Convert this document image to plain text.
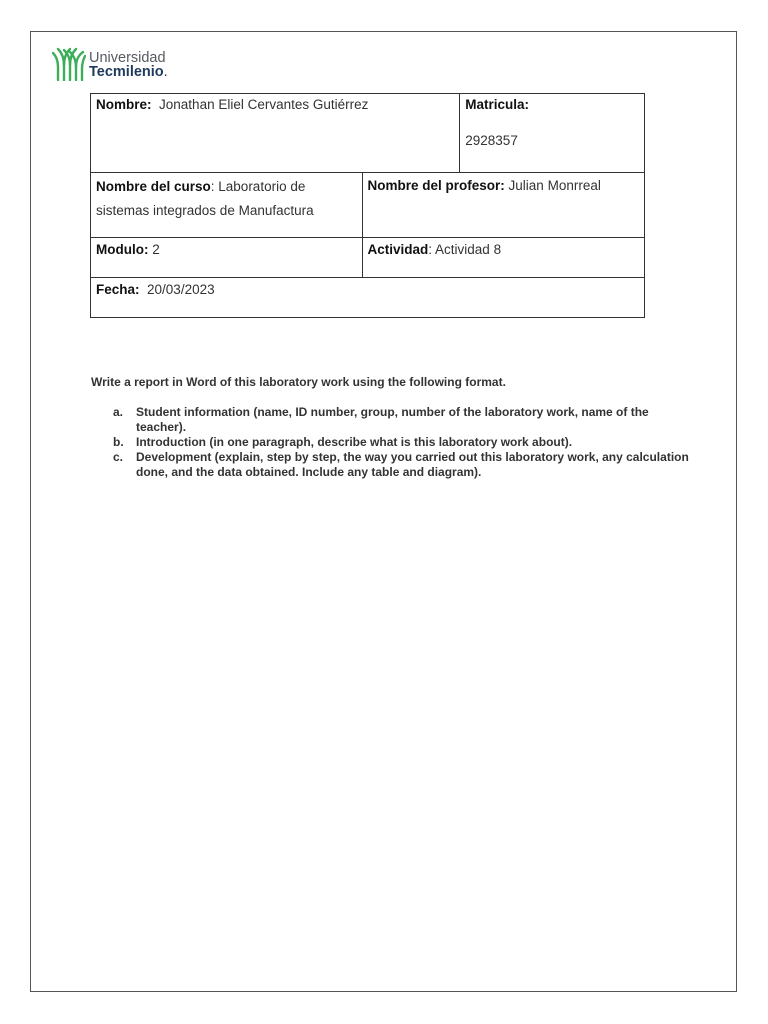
Universidad
Tecmilenio.
Nombre: Jonathan Eliel Cervantes Gutiérrez		Matricula:
2928357
Nombre del curso: Laboratorio de sistemas integrados de Manufactura	Nombre del profesor: Julian Monrreal	
Modulo: 2	Actividad: Actividad 8	
Fecha: 20/03/2023		

Write a report in Word of this laboratory work using the following format.

a. Student information (name, ID number, group, number of the laboratory work, name of the teacher).
b. Introduction (in one paragraph, describe what is this laboratory work about).
c. Development (explain, step by step, the way you carried out this laboratory work, any calculation done, and the data obtained. Include any table and diagram).
